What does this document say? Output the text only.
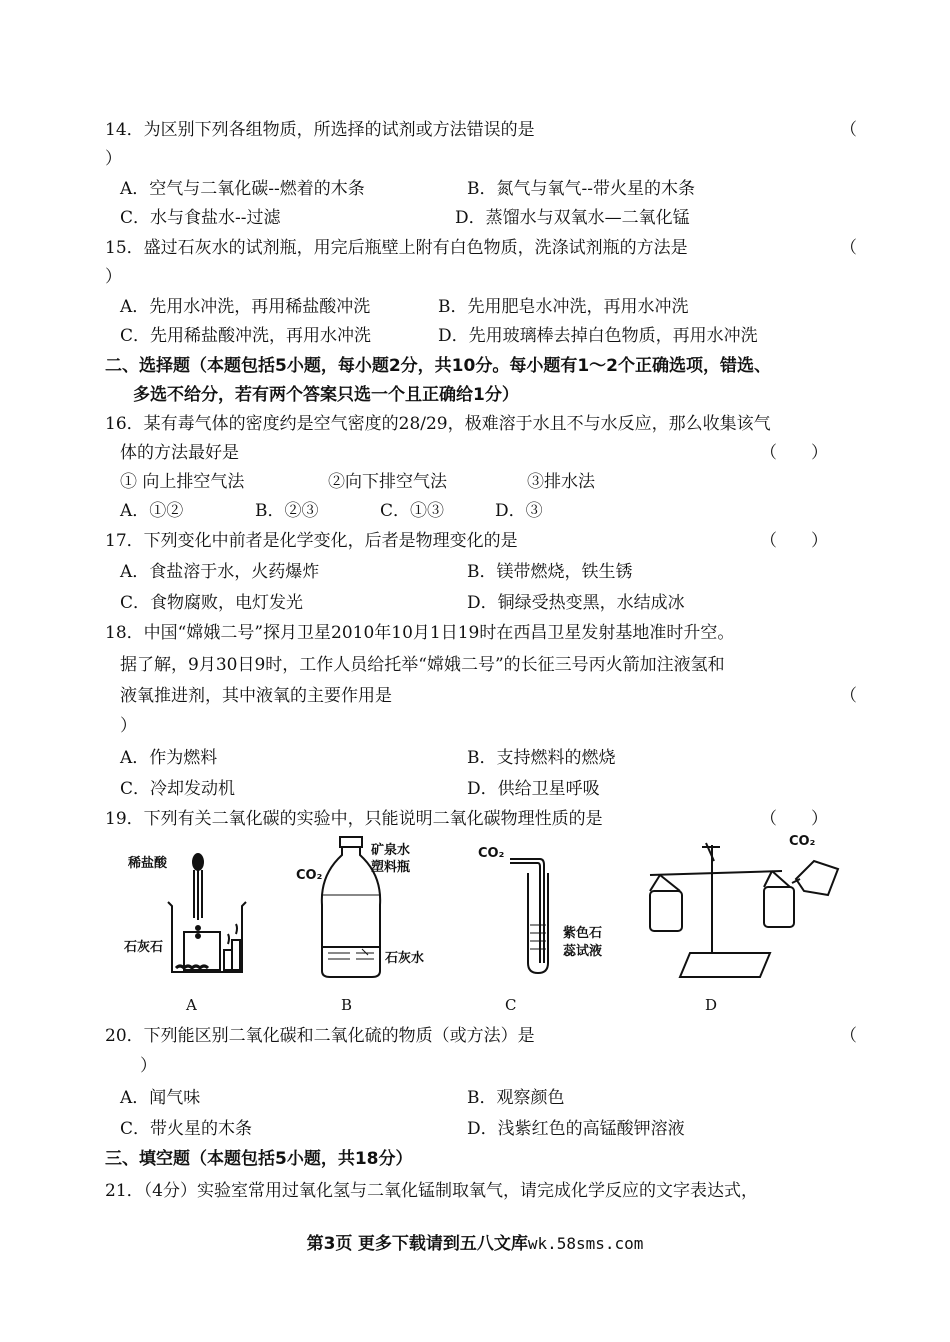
14．为区别下列各组物质，所选择的试剂或方法错误的是	（
）
A．空气与二氧化碳--燃着的木条	B．氮气与氧气--带火星的木条
C．水与食盐水--过滤	D．蒸馏水与双氧水—二氧化锰
15．盛过石灰水的试剂瓶，用完后瓶壁上附有白色物质，洗涤试剂瓶的方法是	（
）
A．先用水冲洗，再用稀盐酸冲洗	B．先用肥皂水冲洗，再用水冲洗
C．先用稀盐酸冲洗，再用水冲洗	D．先用玻璃棒去掉白色物质，再用水冲洗
二、选择题（本题包括5小题，每小题2分，共10分。每小题有1～2个正确选项，错选、
多选不给分，若有两个答案只选一个且正确给1分）
16．某有毒气体的密度约是空气密度的28/29，极难溶于水且不与水反应，那么收集该气
体的方法最好是	（　　）
① 向上排空气法	②向下排空气法	③排水法
A．①②	B．②③	C．①③	D．③
17．下列变化中前者是化学变化，后者是物理变化的是	（　　）
A．食盐溶于水，火药爆炸	B．镁带燃烧，铁生锈
C．食物腐败，电灯发光	D．铜绿受热变黑，水结成冰
18．中国“嫦娥二号”探月卫星2010年10月1日19时在西昌卫星发射基地准时升空。
据了解，9月30日9时，工作人员给托举“嫦娥二号”的长征三号丙火箭加注液氢和
液氧推进剂，其中液氧的主要作用是	（
）
A．作为燃料	B．支持燃料的燃烧
C．冷却发动机	D．供给卫星呼吸
19．下列有关二氧化碳的实验中，只能说明二氧化碳物理性质的是	（　　）
稀盐酸
石灰石
CO₂
矿泉水
塑料瓶
石灰水
CO₂
紫色石
蕊试液
CO₂
A	B	C	D
20．下列能区别二氧化碳和二氧化硫的物质（或方法）是	（
）
A．闻气味	B．观察颜色
C．带火星的木条	D．浅紫红色的高锰酸钾溶液
三、填空题（本题包括5小题，共18分）
21．（4分）实验室常用过氧化氢与二氧化锰制取氧气，请完成化学反应的文字表达式，
第3页 更多下载请到五八文库wk.58sms.com
